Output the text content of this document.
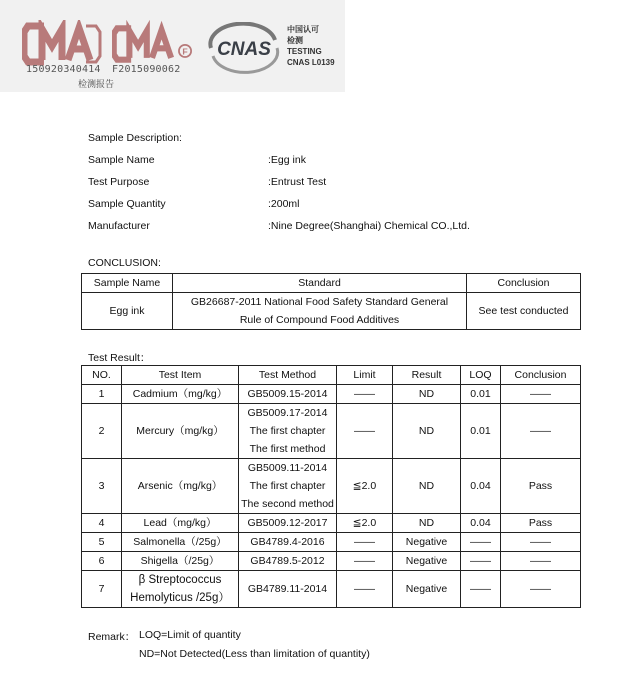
F CNAS
中国认可
检测
TESTING
CNAS L0139
150920340414 F2015090062
检测报告
Sample Description:
Sample Name	:Egg ink
Test Purpose	:Entrust Test
Sample Quantity	:200ml
Manufacturer	:Nine Degree(Shanghai) Chemical CO.,Ltd.
CONCLUSION:
Sample Name	Standard	Conclusion
Egg ink	GB26687-2011 National Food Safety Standard General
Rule of Compound Food Additives	See test conducted
Test Result：
NO.	Test Item	Test Method	Limit	Result	LOQ	Conclusion
1	Cadmium（mg/kg）	GB5009.15-2014	——	ND	0.01	——
2	Mercury（mg/kg）	GB5009.17-2014
The first chapter
The first method	——	ND	0.01	——
3	Arsenic（mg/kg）	GB5009.11-2014
The first chapter
The second method	≦2.0	ND	0.04	Pass
4	Lead（mg/kg）	GB5009.12-2017	≦2.0	ND	0.04	Pass
5	Salmonella（/25g）	GB4789.4-2016	——	Negative	——	——
6	Shigella（/25g）	GB4789.5-2012	——	Negative	——	——
7	β Streptococcus
Hemolyticus /25g）	GB4789.11-2014	——	Negative	——	——
Remark： LOQ=Limit of quantity
ND=Not Detected(Less than limitation of quantity)
